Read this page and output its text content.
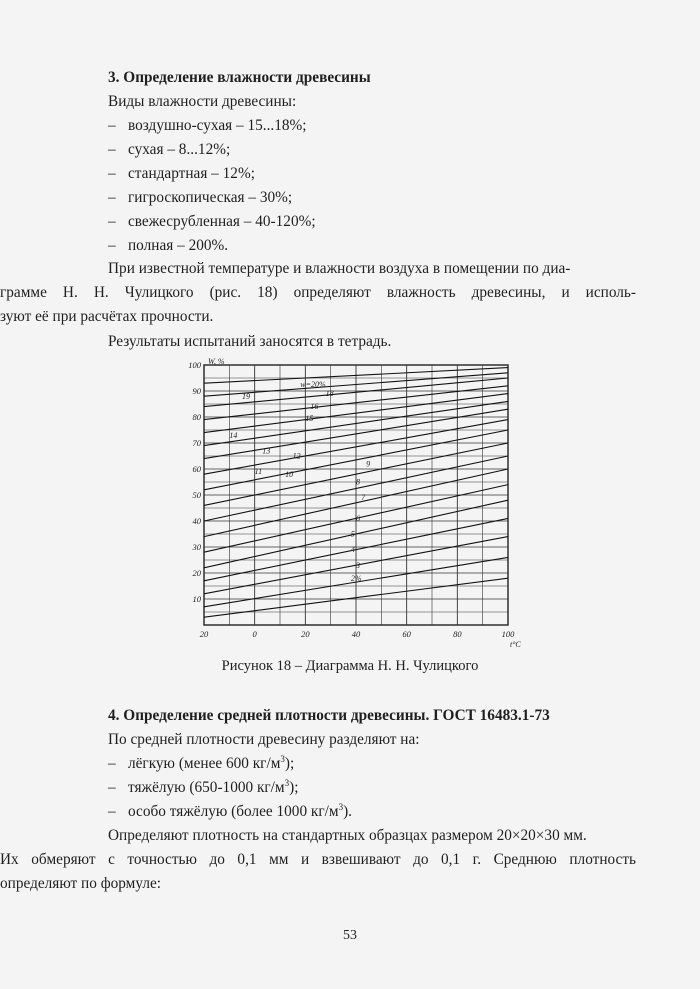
3. Определение влажности древесины

Виды влажности древесины:

– воздушно-сухая – 15...18%;

– сухая – 8...12%;

– стандартная – 12%;

– гигроскопическая – 30%;

– свежесрубленная – 40-120%;

– полная – 200%.

При известной температуре и влажности воздуха в помещении по диа-
грамме Н. Н. Чулицкого (рис. 18) определяют влажность древесины, и исполь-
зуют её при расчётах прочности.
Результаты испытаний заносятся в тетрадь.
100
90
80
70
60
50
40
30
20
10
20	0	20	40	60	80	100
W, %
t°C
w=20%
19	18
16
15
14
13
12
11	10
9
8
7
6
5
4
3
2%
Рисунок 18 – Диаграмма Н. Н. Чулицкого

4. Определение средней плотности древесины. ГОСТ 16483.1-73

По средней плотности древесину разделяют на:

– лёгкую (менее 600 $кг/м^3$);

– тяжёлую (650-1000 $кг/м^3$);

– особо тяжёлую (более 1000 $кг/м^3$).

Определяют плотность на стандартных образцах размером 20×20×30 мм.
Их обмеряют с точностью до 0,1 мм и взвешивают до 0,1 г. Среднюю плотность
определяют по формуле:
53
